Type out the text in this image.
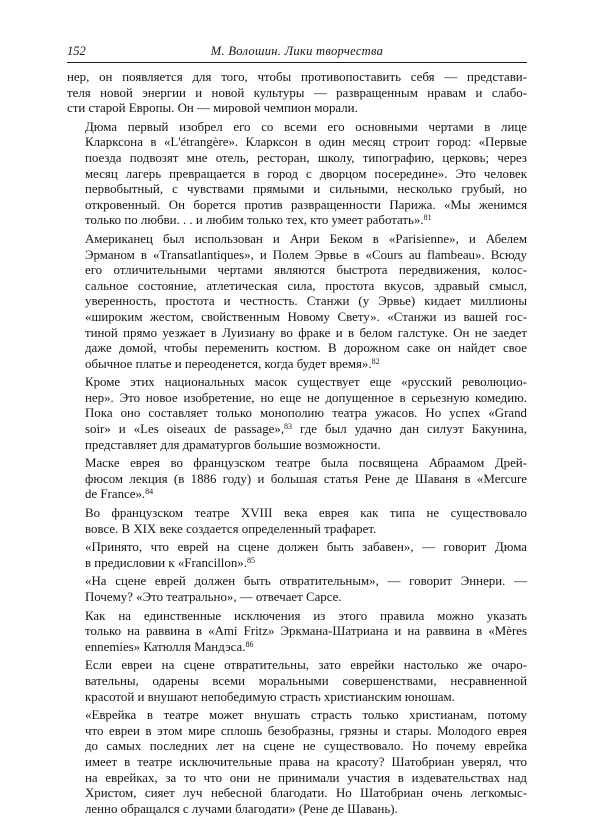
152	М. Волошин. Лики творчества
нер, он появляется для того, чтобы противопоставить себя — представи-
теля новой энергии и новой культуры — развращенным нравам и слабо-
сти старой Европы. Он — мировой чемпион морали.
Дюма первый изобрел его со всеми его основными чертами в лице
Кларксона в «L'étrangère». Кларксон в один месяц строит город: «Первые
поезда подвозят мне отель, ресторан, школу, типографию, церковь; через
месяц лагерь превращается в город с дворцом посередине». Это человек
первобытный, с чувствами прямыми и сильными, несколько грубый, но
откровенный. Он борется против развращенности Парижа. «Мы женимся
только по любви. . . и любим только тех, кто умеет работать».$^{81}$
Американец был использован и Анри Беком в «Parisienne», и Абелем
Эрманом в «Transatlantiques», и Полем Эрвье в «Cours au flambeau». Всюду
его отличительными чертами являются быстрота передвижения, колос-
сальное состояние, атлетическая сила, простота вкусов, здравый смысл,
уверенность, простота и честность. Станжи (у Эрвье) кидает миллионы
«широким жестом, свойственным Новому Свету». «Станжи из вашей гос-
тиной прямо уезжает в Луизиану во фраке и в белом галстуке. Он не заедет
даже домой, чтобы переменить костюм. В дорожном саке он найдет свое
обычное платье и переоденется, когда будет время».$^{82}$
Кроме этих национальных масок существует еще «русский революцио-
нер». Это новое изобретение, но еще не допущенное в серьезную комедию.
Пока оно составляет только монополию театра ужасов. Но успех «Grand
soir» и «Les oiseaux de passage»,$^{83}$ где был удачно дан силуэт Бакунина,
представляет для драматургов большие возможности.
Маске еврея во французском театре была посвящена Абраамом Дрей-
фюсом лекция (в 1886 году) и большая статья Рене де Шаваня в «Mercure
de France».$^{84}$
Во французском театре XVIII века еврея как типа не существовало
вовсе. В XIX веке создается определенный трафарет.
«Принято, что еврей на сцене должен быть забавен», — говорит Дюма
в предисловии к «Francillon».$^{85}$
«На сцене еврей должен быть отвратительным», — говорит Эннери. —
Почему? «Это театрально», — отвечает Сарсе.
Как на единственные исключения из этого правила можно указать
только на раввина в «Ami Fritz» Эркмана-Шатриана и на раввина в «Mères
ennemies» Катюлля Мандэса.$^{86}$
Если евреи на сцене отвратительны, зато еврейки настолько же очаро-
вательны, одарены всеми моральными совершенствами, несравненной
красотой и внушают непобедимую страсть христианским юношам.
«Еврейка в театре может внушать страсть только христианам, потому
что евреи в этом мире сплошь безобразны, грязны и стары. Молодого еврея
до самых последних лет на сцене не существовало. Но почему еврейка
имеет в театре исключительные права на красоту? Шатобриан уверял, что
на еврейках, за то что они не принимали участия в издевательствах над
Христом, сияет луч небесной благодати. Но Шатобриан очень легкомыс-
ленно обращался с лучами благодати» (Рене де Шавань).
